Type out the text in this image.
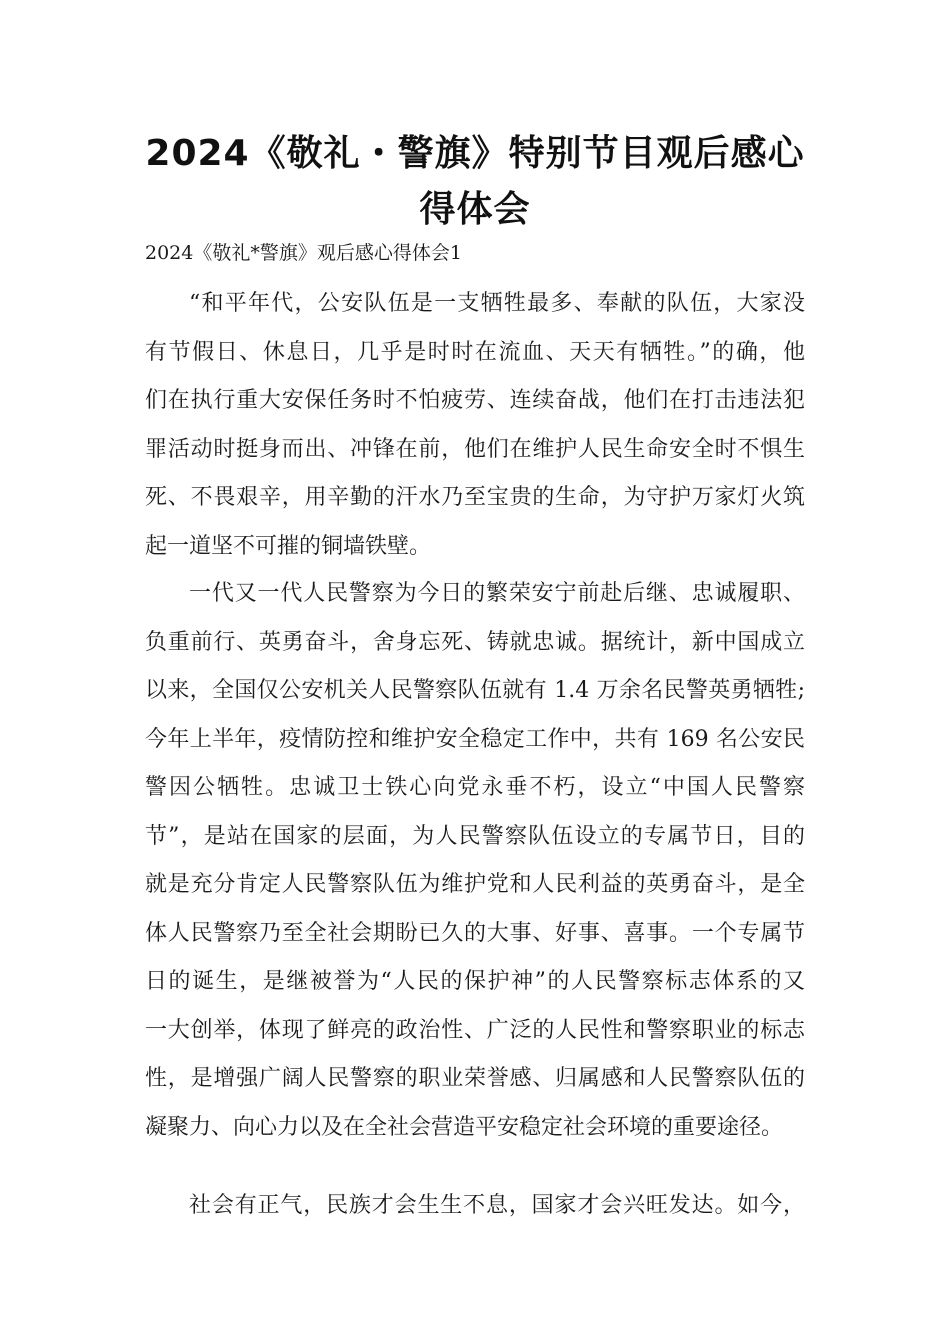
2024《敬礼・警旗》特别节目观后感心
得体会

2024《敬礼*警旗》观后感心得体会1

“和平年代，公安队伍是一支牺牲最多、奉献的队伍，大家没
有节假日、休息日，几乎是时时在流血、天天有牺牲。”的确，他
们在执行重大安保任务时不怕疲劳、连续奋战，他们在打击违法犯
罪活动时挺身而出、冲锋在前，他们在维护人民生命安全时不惧生
死、不畏艰辛，用辛勤的汗水乃至宝贵的生命，为守护万家灯火筑
起一道坚不可摧的铜墙铁壁。
一代又一代人民警察为今日的繁荣安宁前赴后继、忠诚履职、
负重前行、英勇奋斗，舍身忘死、铸就忠诚。据统计，新中国成立
以来，全国仅公安机关人民警察队伍就有 1.4 万余名民警英勇牺牲;
今年上半年，疫情防控和维护安全稳定工作中，共有 169 名公安民
警因公牺牲。忠诚卫士铁心向党永垂不朽，设立“中国人民警察
节”，是站在国家的层面，为人民警察队伍设立的专属节日，目的
就是充分肯定人民警察队伍为维护党和人民利益的英勇奋斗，是全
体人民警察乃至全社会期盼已久的大事、好事、喜事。一个专属节
日的诞生，是继被誉为“人民的保护神”的人民警察标志体系的又
一大创举，体现了鲜亮的政治性、广泛的人民性和警察职业的标志
性，是增强广阔人民警察的职业荣誉感、归属感和人民警察队伍的
凝聚力、向心力以及在全社会营造平安稳定社会环境的重要途径。
社会有正气，民族才会生生不息，国家才会兴旺发达。如今，
